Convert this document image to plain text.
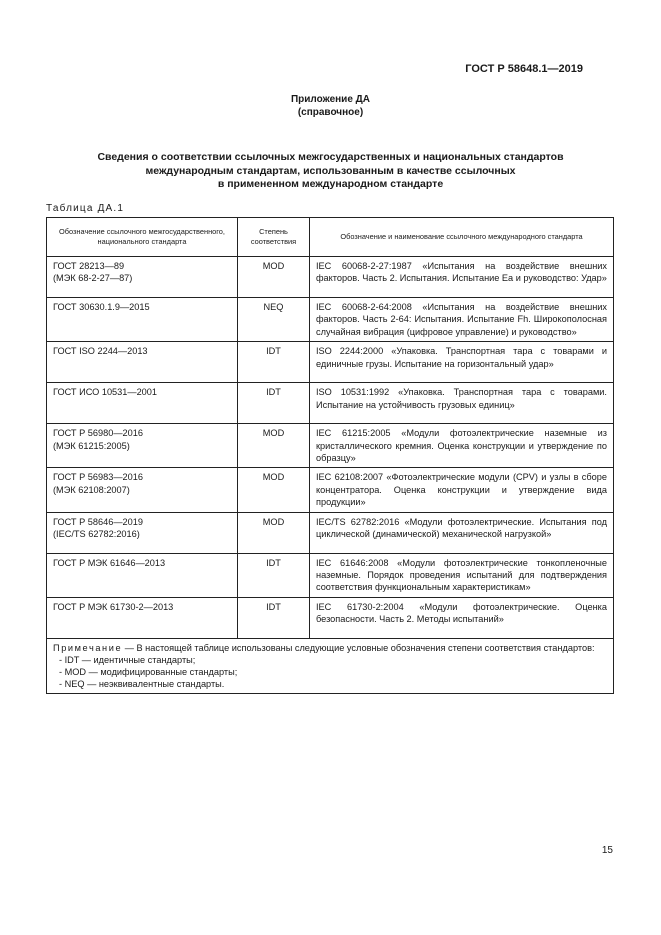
ГОСТ Р 58648.1—2019
Приложение ДА
(справочное)
Сведения о соответствии ссылочных межгосударственных и национальных стандартов
международным стандартам, использованным в качестве ссылочных
в примененном международном стандарте
Таблица ДА.1
Обозначение ссылочного межгосударственного, национального стандарта	Степень соответствия	Обозначение и наименование ссылочного международного стандарта

ГОСТ 28213—89
(МЭК 68-2-27—87)	MOD	IEC 60068-2-27:1987 «Испытания на воздействие внешних факторов. Часть 2. Испытания. Испытание Ea и руководство: Удар»

ГОСТ 30630.1.9—2015	NEQ	IEC 60068-2-64:2008 «Испытания на воздействие внешних факторов. Часть 2-64: Испытания. Испытание Fh. Широкополосная случайная вибрация (цифровое управление) и руководство»

ГОСТ ISO 2244—2013	IDT	ISO 2244:2000 «Упаковка. Транспортная тара с товарами и единичные грузы. Испытание на горизонтальный удар»

ГОСТ ИСО 10531—2001	IDT	ISO 10531:1992 «Упаковка. Транспортная тара с товарами. Испытание на устойчивость грузовых единиц»

ГОСТ Р 56980—2016
(МЭК 61215:2005)	MOD	IEC 61215:2005 «Модули фотоэлектрические наземные из кристаллического кремния. Оценка конструкции и утверждение по образцу»

ГОСТ Р 56983—2016
(МЭК 62108:2007)	MOD	IEC 62108:2007 «Фотоэлектрические модули (CPV) и узлы в сборе концентратора. Оценка конструкции и утверждение вида продукции»

ГОСТ Р 58646—2019
(IEC/TS 62782:2016)	MOD	IEC/TS 62782:2016 «Модули фотоэлектрические. Испытания под циклической (динамической) механической нагрузкой»

ГОСТ Р МЭК 61646—2013	IDT	IEC 61646:2008 «Модули фотоэлектрические тонкопленочные наземные. Порядок проведения испытаний для подтверждения соответствия функциональным характеристикам»

ГОСТ Р МЭК 61730-2—2013	IDT	IEC 61730-2:2004 «Модули фотоэлектрические. Оценка безопасности. Часть 2. Методы испытаний»

Примечание — В настоящей таблице использованы следующие условные обозначения степени соответствия стандартов:
- IDT — идентичные стандарты;
- MOD — модифицированные стандарты;
- NEQ — неэквивалентные стандарты.		
15
